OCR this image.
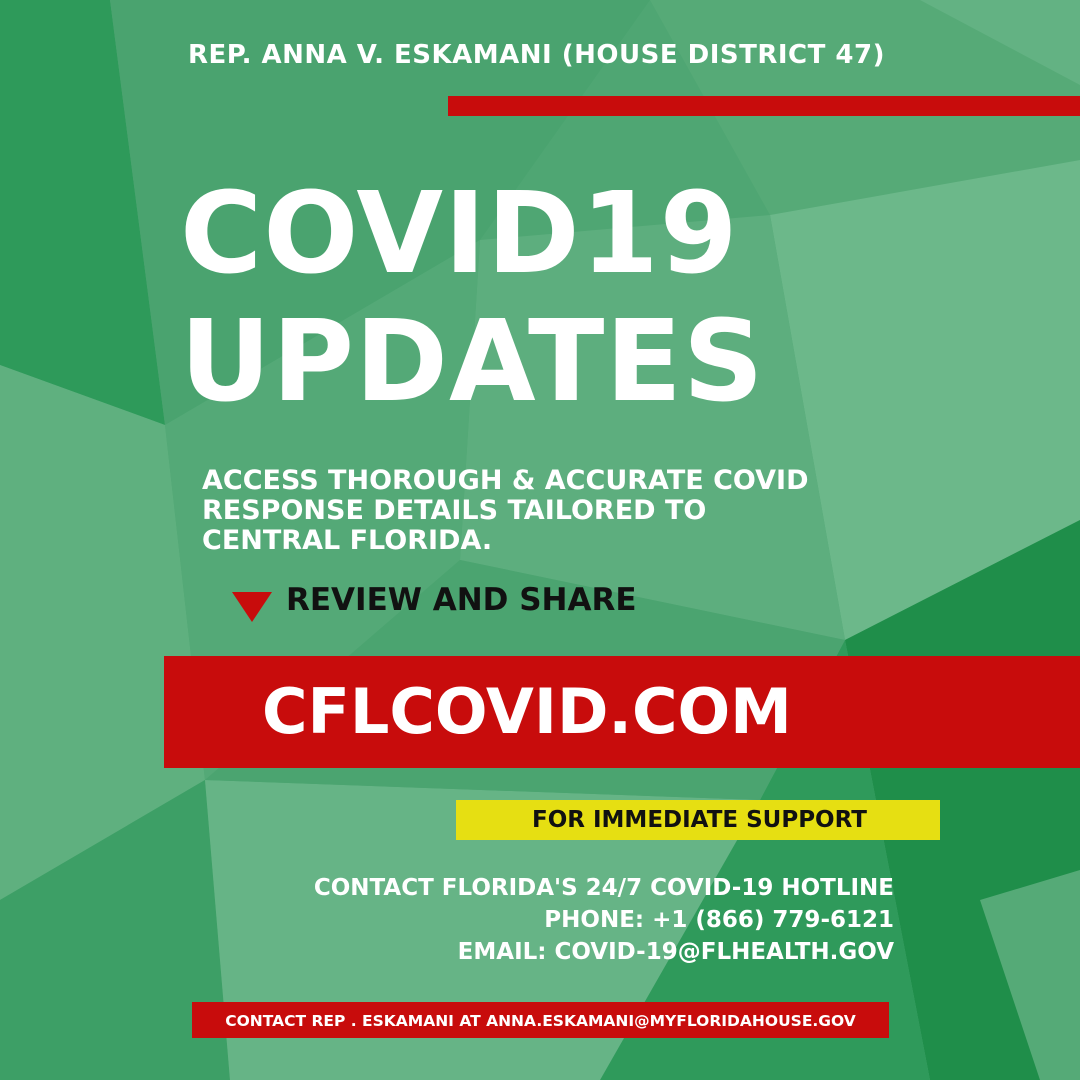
REP. ANNA V. ESKAMANI (HOUSE DISTRICT 47)

COVID19
UPDATES
ACCESS THOROUGH & ACCURATE COVID
RESPONSE DETAILS TAILORED TO
CENTRAL FLORIDA.
REVIEW AND SHARE
CFLCOVID.COM
FOR IMMEDIATE SUPPORT
CONTACT FLORIDA'S 24/7 COVID-19 HOTLINE
PHONE: +1 (866) 779-6121
EMAIL: COVID-19@FLHEALTH.GOV
CONTACT REP . ESKAMANI AT ANNA.ESKAMANI@MYFLORIDAHOUSE.GOV
